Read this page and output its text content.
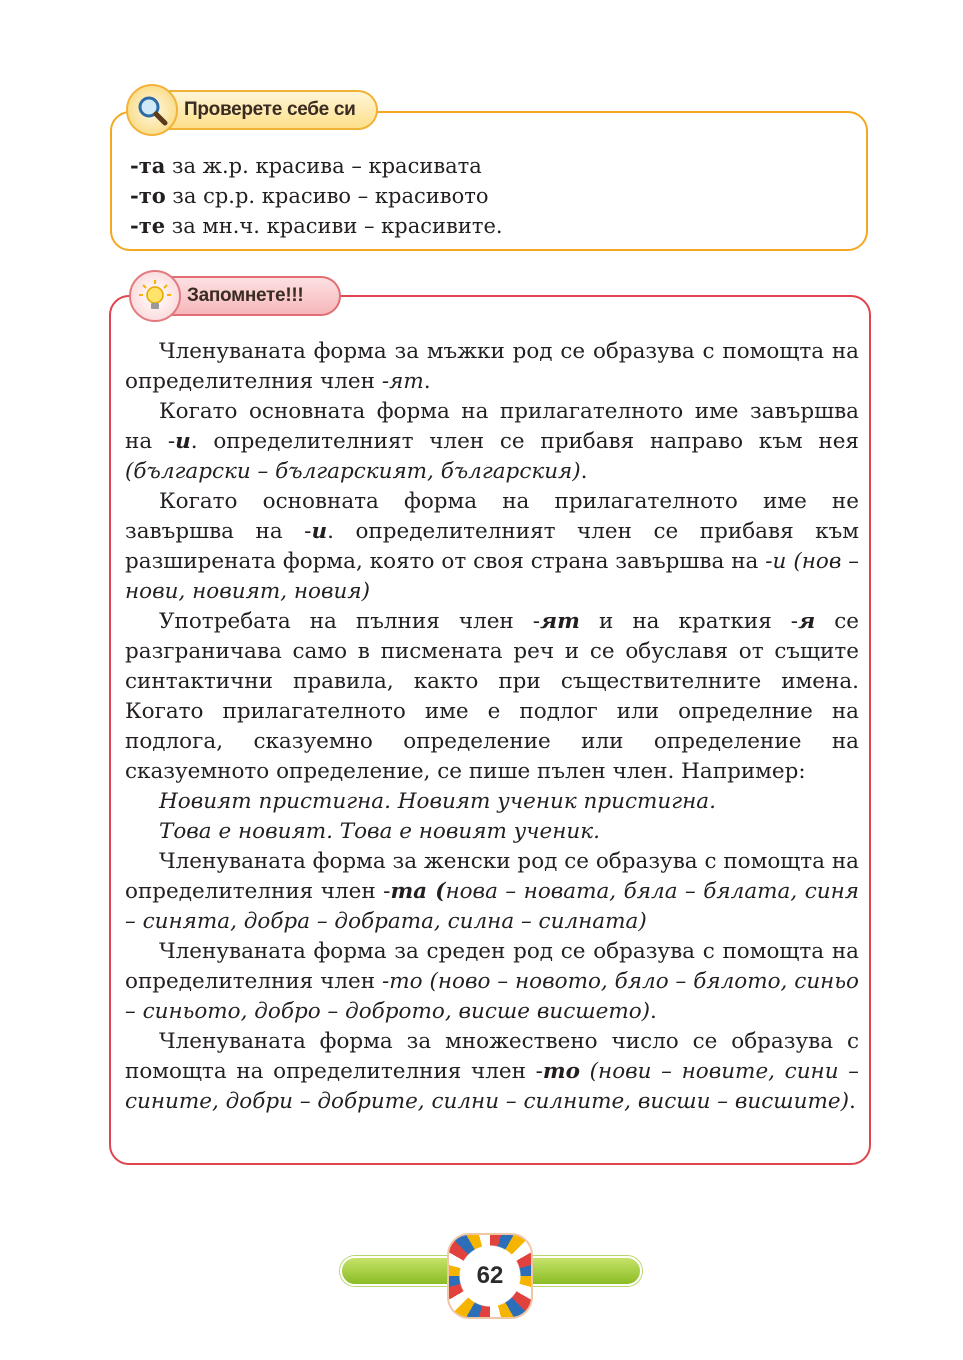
-та за ж.р. красива – красивата
-то за ср.р. красиво – красивото
-те за мн.ч. красиви – красивите.
Проверете себе си

Членуваната форма за мъжки род се образува с помощта на определителния член -ят.

Когато основната форма на прилагателното име завършва на -и. определителният член се прибавя направо към нея (български – българският, българския).

Когато основната форма на прилагателното име не завършва на -и. определителният член се прибавя към разширената форма, която от своя страна завършва на -и (нов – нови, новият, новия)

Употребата на пълния член -ят и на краткия -я се разграничава само в писмената реч и се обуславя от същите синтактични правила, както при съществителните имена. Когато прилагателното име е подлог или определние на подлога, сказуемно определение или определение на сказуемното определение, се пише пълен член. Например:

Новият пристигна. Новият ученик пристигна.

Това е новият. Това е новият ученик.

Членуваната форма за женски род се образува с помощта на определителния член -та (нова – новата, бяла – бялата, синя – синята, добра – добрата, силна – силната)

Членуваната форма за среден род се образува с помощта на определителния член -то (ново – новото, бяло – бялото, синьо – синьото, добро – доброто, висше висшето).

Членуваната форма за множествено число се образува с помощта на определителния член -то (нови – новите, сини – сините, добри – добрите, силни – силните, висши – висшите).

Запомнете!!!
62
